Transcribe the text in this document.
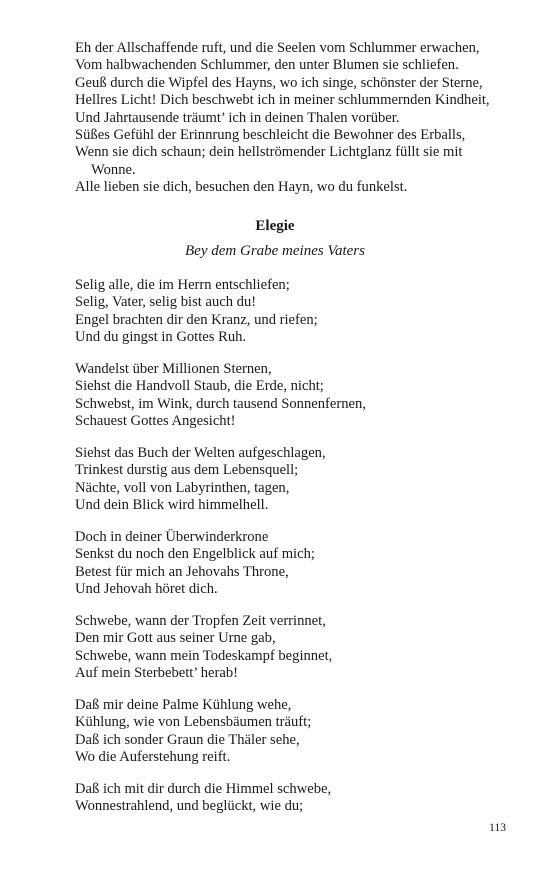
Eh der Allschaffende ruft, und die Seelen vom Schlummer erwachen,
Vom halbwachenden Schlummer, den unter Blumen sie schliefen.
Geuß durch die Wipfel des Hayns, wo ich singe, schönster der Sterne,
Hellres Licht! Dich beschwebt ich in meiner schlummernden Kindheit,
Und Jahrtausende träumt’ ich in deinen Thalen vorüber.
Süßes Gefühl der Erinnrung beschleicht die Bewohner des Erballs,
Wenn sie dich schaun; dein hellströmender Lichtglanz füllt sie mit
Wonne.
Alle lieben sie dich, besuchen den Hayn, wo du funkelst.
Elegie
Bey dem Grabe meines Vaters
Selig alle, die im Herrn entschliefen;
Selig, Vater, selig bist auch du!
Engel brachten dir den Kranz, und riefen;
Und du gingst in Gottes Ruh.
Wandelst über Millionen Sternen,
Siehst die Handvoll Staub, die Erde, nicht;
Schwebst, im Wink, durch tausend Sonnenfernen,
Schauest Gottes Angesicht!
Siehst das Buch der Welten aufgeschlagen,
Trinkest durstig aus dem Lebensquell;
Nächte, voll von Labyrinthen, tagen,
Und dein Blick wird himmelhell.
Doch in deiner Überwinderkrone
Senkst du noch den Engelblick auf mich;
Betest für mich an Jehovahs Throne,
Und Jehovah höret dich.
Schwebe, wann der Tropfen Zeit verrinnet,
Den mir Gott aus seiner Urne gab,
Schwebe, wann mein Todeskampf beginnet,
Auf mein Sterbebett’ herab!
Daß mir deine Palme Kühlung wehe,
Kühlung, wie von Lebensbäumen träuft;
Daß ich sonder Graun die Thäler sehe,
Wo die Auferstehung reift.
Daß ich mit dir durch die Himmel schwebe,
Wonnestrahlend, und beglückt, wie du;
113
